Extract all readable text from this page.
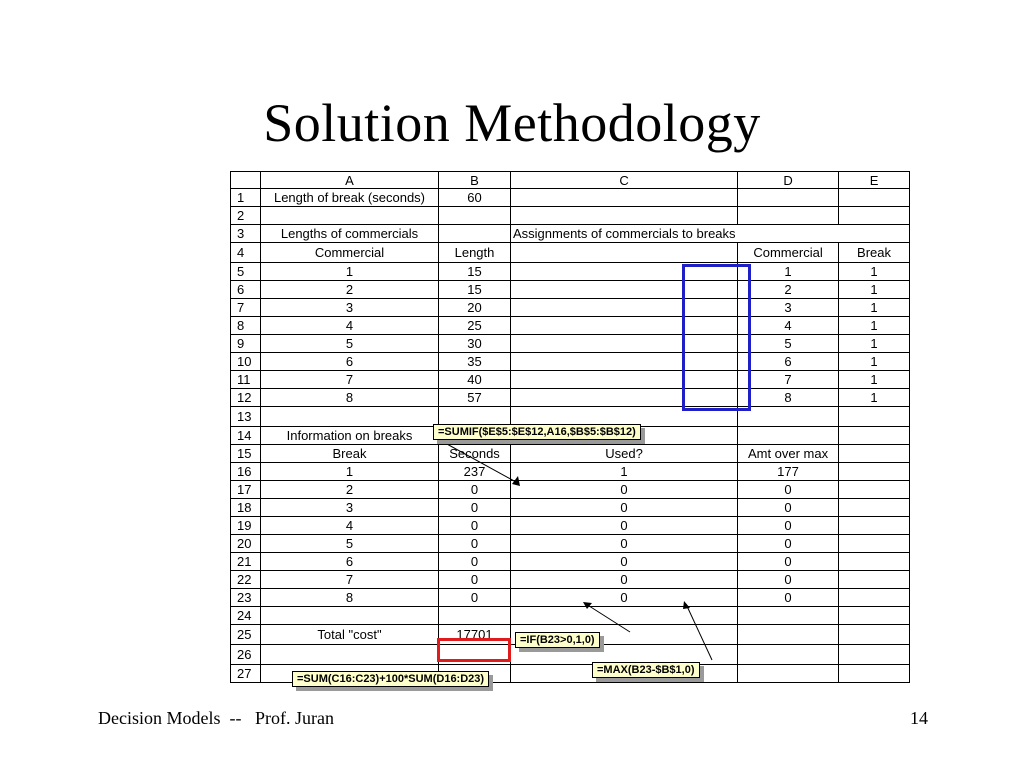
Solution Methodology
	A	B	C	D	E
1	Length of break (seconds)	60			
2					
3	Lengths of commercials		Assignments of commercials to breaks		
4	Commercial	Length		Commercial	Break
5	1	15		1	1
6	2	15		2	1
7	3	20		3	1
8	4	25		4	1
9	5	30		5	1
10	6	35		6	1
11	7	40		7	1
12	8	57		8	1
13					
14	Information on breaks				
15	Break	Seconds	Used?	Amt over max	
16	1	237	1	177	
17	2	0	0	0	
18	3	0	0	0	
19	4	0	0	0	
20	5	0	0	0	
21	6	0	0	0	
22	7	0	0	0	
23	8	0	0	0	
24					
25	Total "cost"	17701			
26					
27					
=SUMIF($E$5:$E$12,A16,$B$5:$B$12)
=IF(B23>0,1,0)
=MAX(B23-$B$1,0)
=SUM(C16:C23)+100*SUM(D16:D23)
Decision Models  --   Prof. Juran	14
